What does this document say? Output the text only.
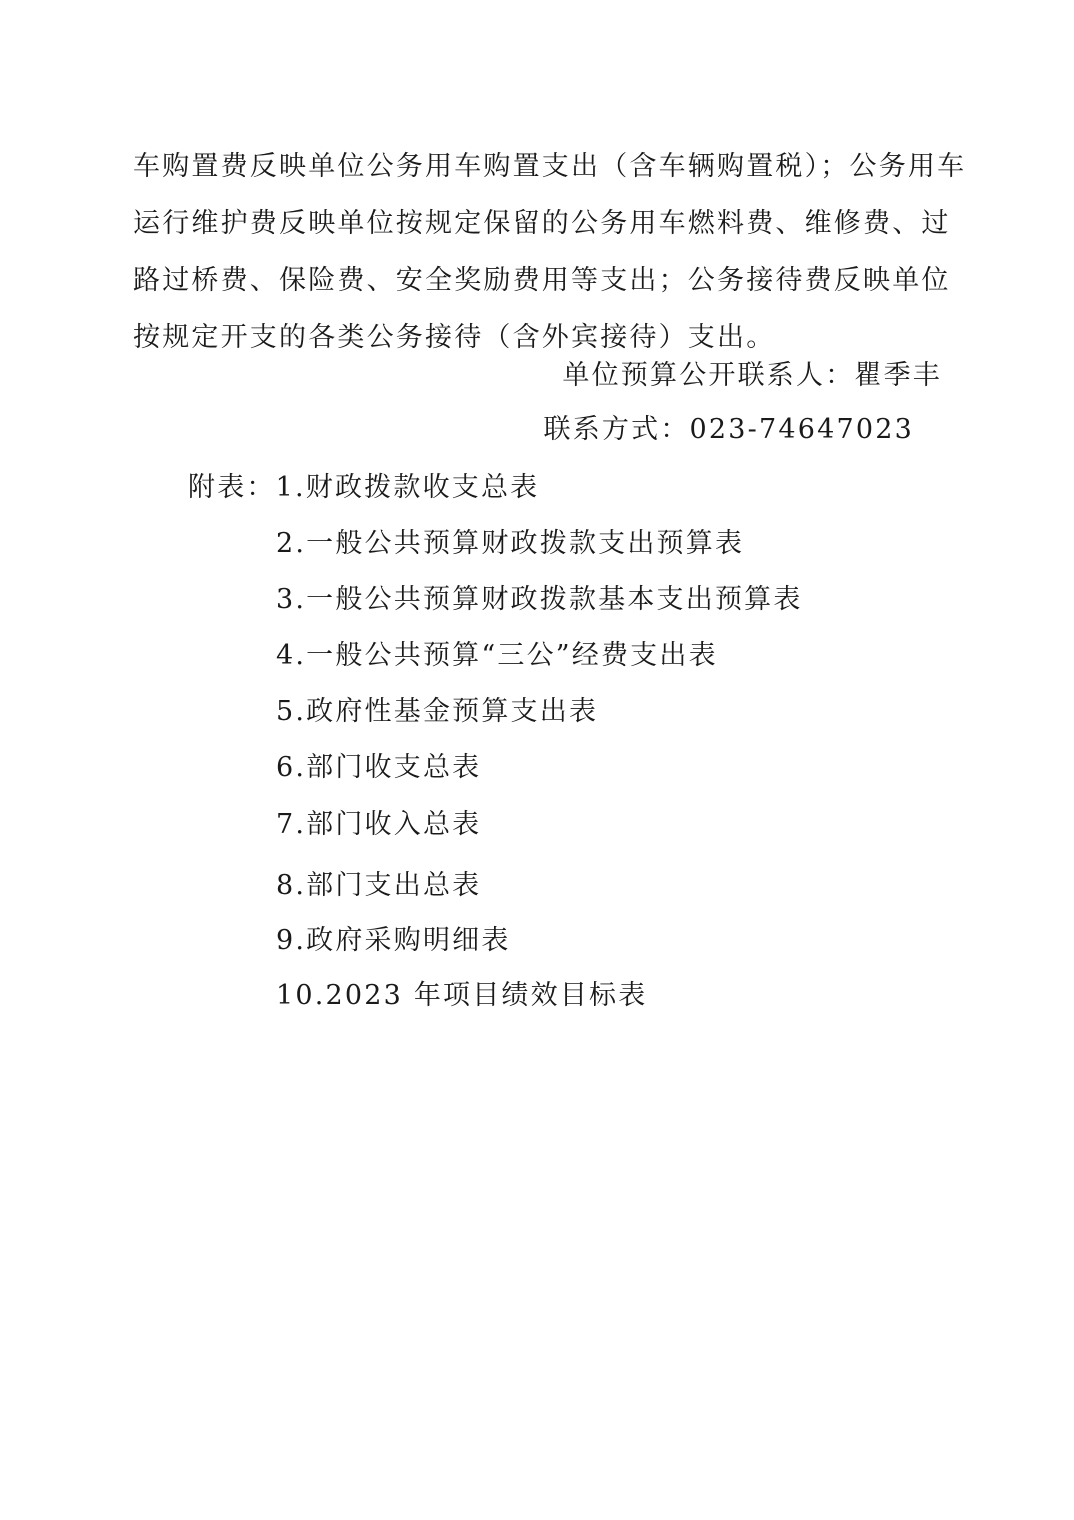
车购置费反映单位公务用车购置支出（含车辆购置税）；公务用车
运行维护费反映单位按规定保留的公务用车燃料费、维修费、过
路过桥费、保险费、安全奖励费用等支出；公务接待费反映单位
按规定开支的各类公务接待（含外宾接待）支出。
单位预算公开联系人：瞿季丰
联系方式：023-74647023
附表：1.财政拨款收支总表
2.一般公共预算财政拨款支出预算表
3.一般公共预算财政拨款基本支出预算表
4.一般公共预算“三公”经费支出表
5.政府性基金预算支出表
6.部门收支总表
7.部门收入总表
8.部门支出总表
9.政府采购明细表
10.2023 年项目绩效目标表
